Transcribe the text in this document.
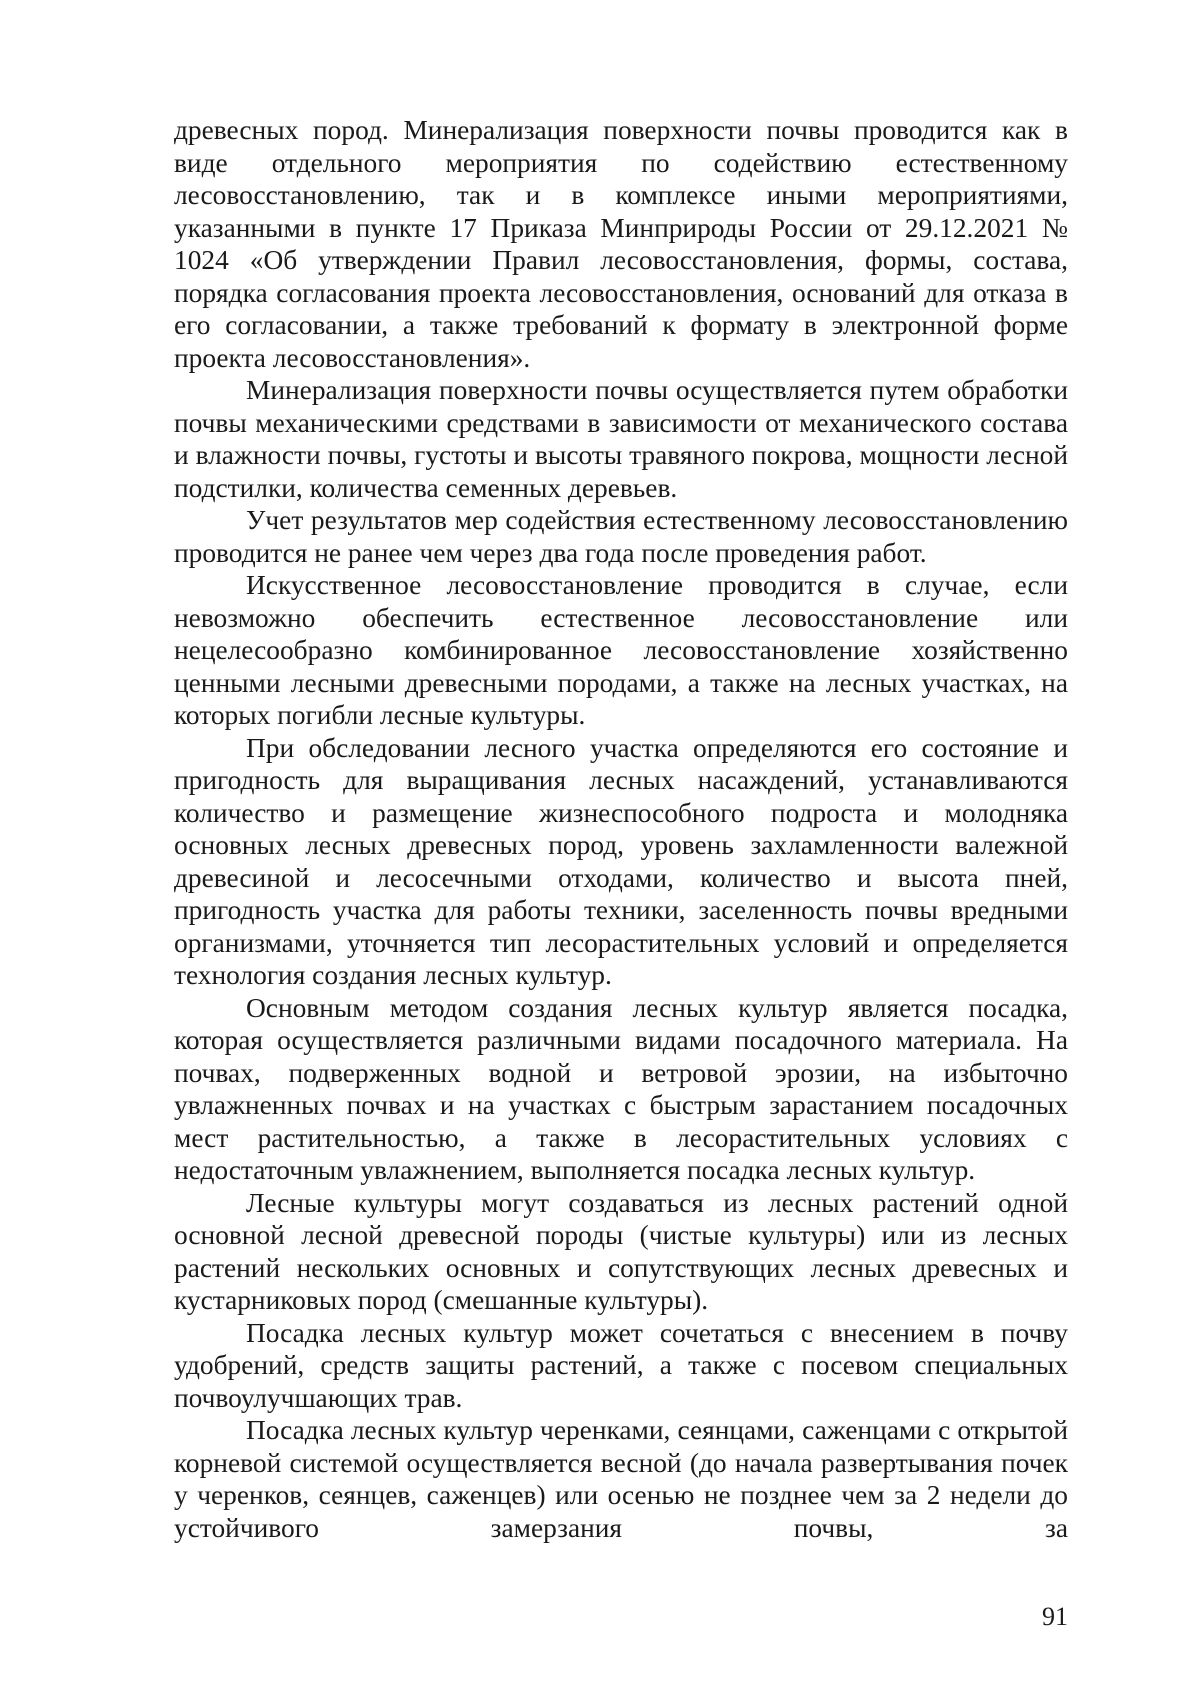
древесных пород. Минерализация поверхности почвы проводится как в виде отдельного мероприятия по содействию естественному лесовосстановлению, так и в комплексе иными мероприятиями, указанными в пункте 17 Приказа Минприроды России от 29.12.2021 № 1024 «Об утверждении Правил лесовосстановления, формы, состава, порядка согласования проекта лесовосстановления, оснований для отказа в его согласовании, а также требований к формату в электронной форме проекта лесовосстановления».

Минерализация поверхности почвы осуществляется путем обработки почвы механическими средствами в зависимости от механического состава и влажности почвы, густоты и высоты травяного покрова, мощности лесной подстилки, количества семенных деревьев.

Учет результатов мер содействия естественному лесовосстановлению проводится не ранее чем через два года после проведения работ.

Искусственное лесовосстановление проводится в случае, если невозможно обеспечить естественное лесовосстановление или нецелесообразно комбинированное лесовосстановление хозяйственно ценными лесными древесными породами, а также на лесных участках, на которых погибли лесные культуры.

При обследовании лесного участка определяются его состояние и пригодность для выращивания лесных насаждений, устанавливаются количество и размещение жизнеспособного подроста и молодняка основных лесных древесных пород, уровень захламленности валежной древесиной и лесосечными отходами, количество и высота пней, пригодность участка для работы техники, заселенность почвы вредными организмами, уточняется тип лесорастительных условий и определяется технология создания лесных культур.

Основным методом создания лесных культур является посадка, которая осуществляется различными видами посадочного материала. На почвах, подверженных водной и ветровой эрозии, на избыточно увлажненных почвах и на участках с быстрым зарастанием посадочных мест растительностью, а также в лесорастительных условиях с недостаточным увлажнением, выполняется посадка лесных культур.

Лесные культуры могут создаваться из лесных растений одной основной лесной древесной породы (чистые культуры) или из лесных растений нескольких основных и сопутствующих лесных древесных и кустарниковых пород (смешанные культуры).

Посадка лесных культур может сочетаться с внесением в почву удобрений, средств защиты растений, а также с посевом специальных почвоулучшающих трав.

Посадка лесных культур черенками, сеянцами, саженцами с открытой корневой системой осуществляется весной (до начала развертывания почек у черенков, сеянцев, саженцев) или осенью не позднее чем за 2 недели до устойчивого замерзания почвы, за

91
